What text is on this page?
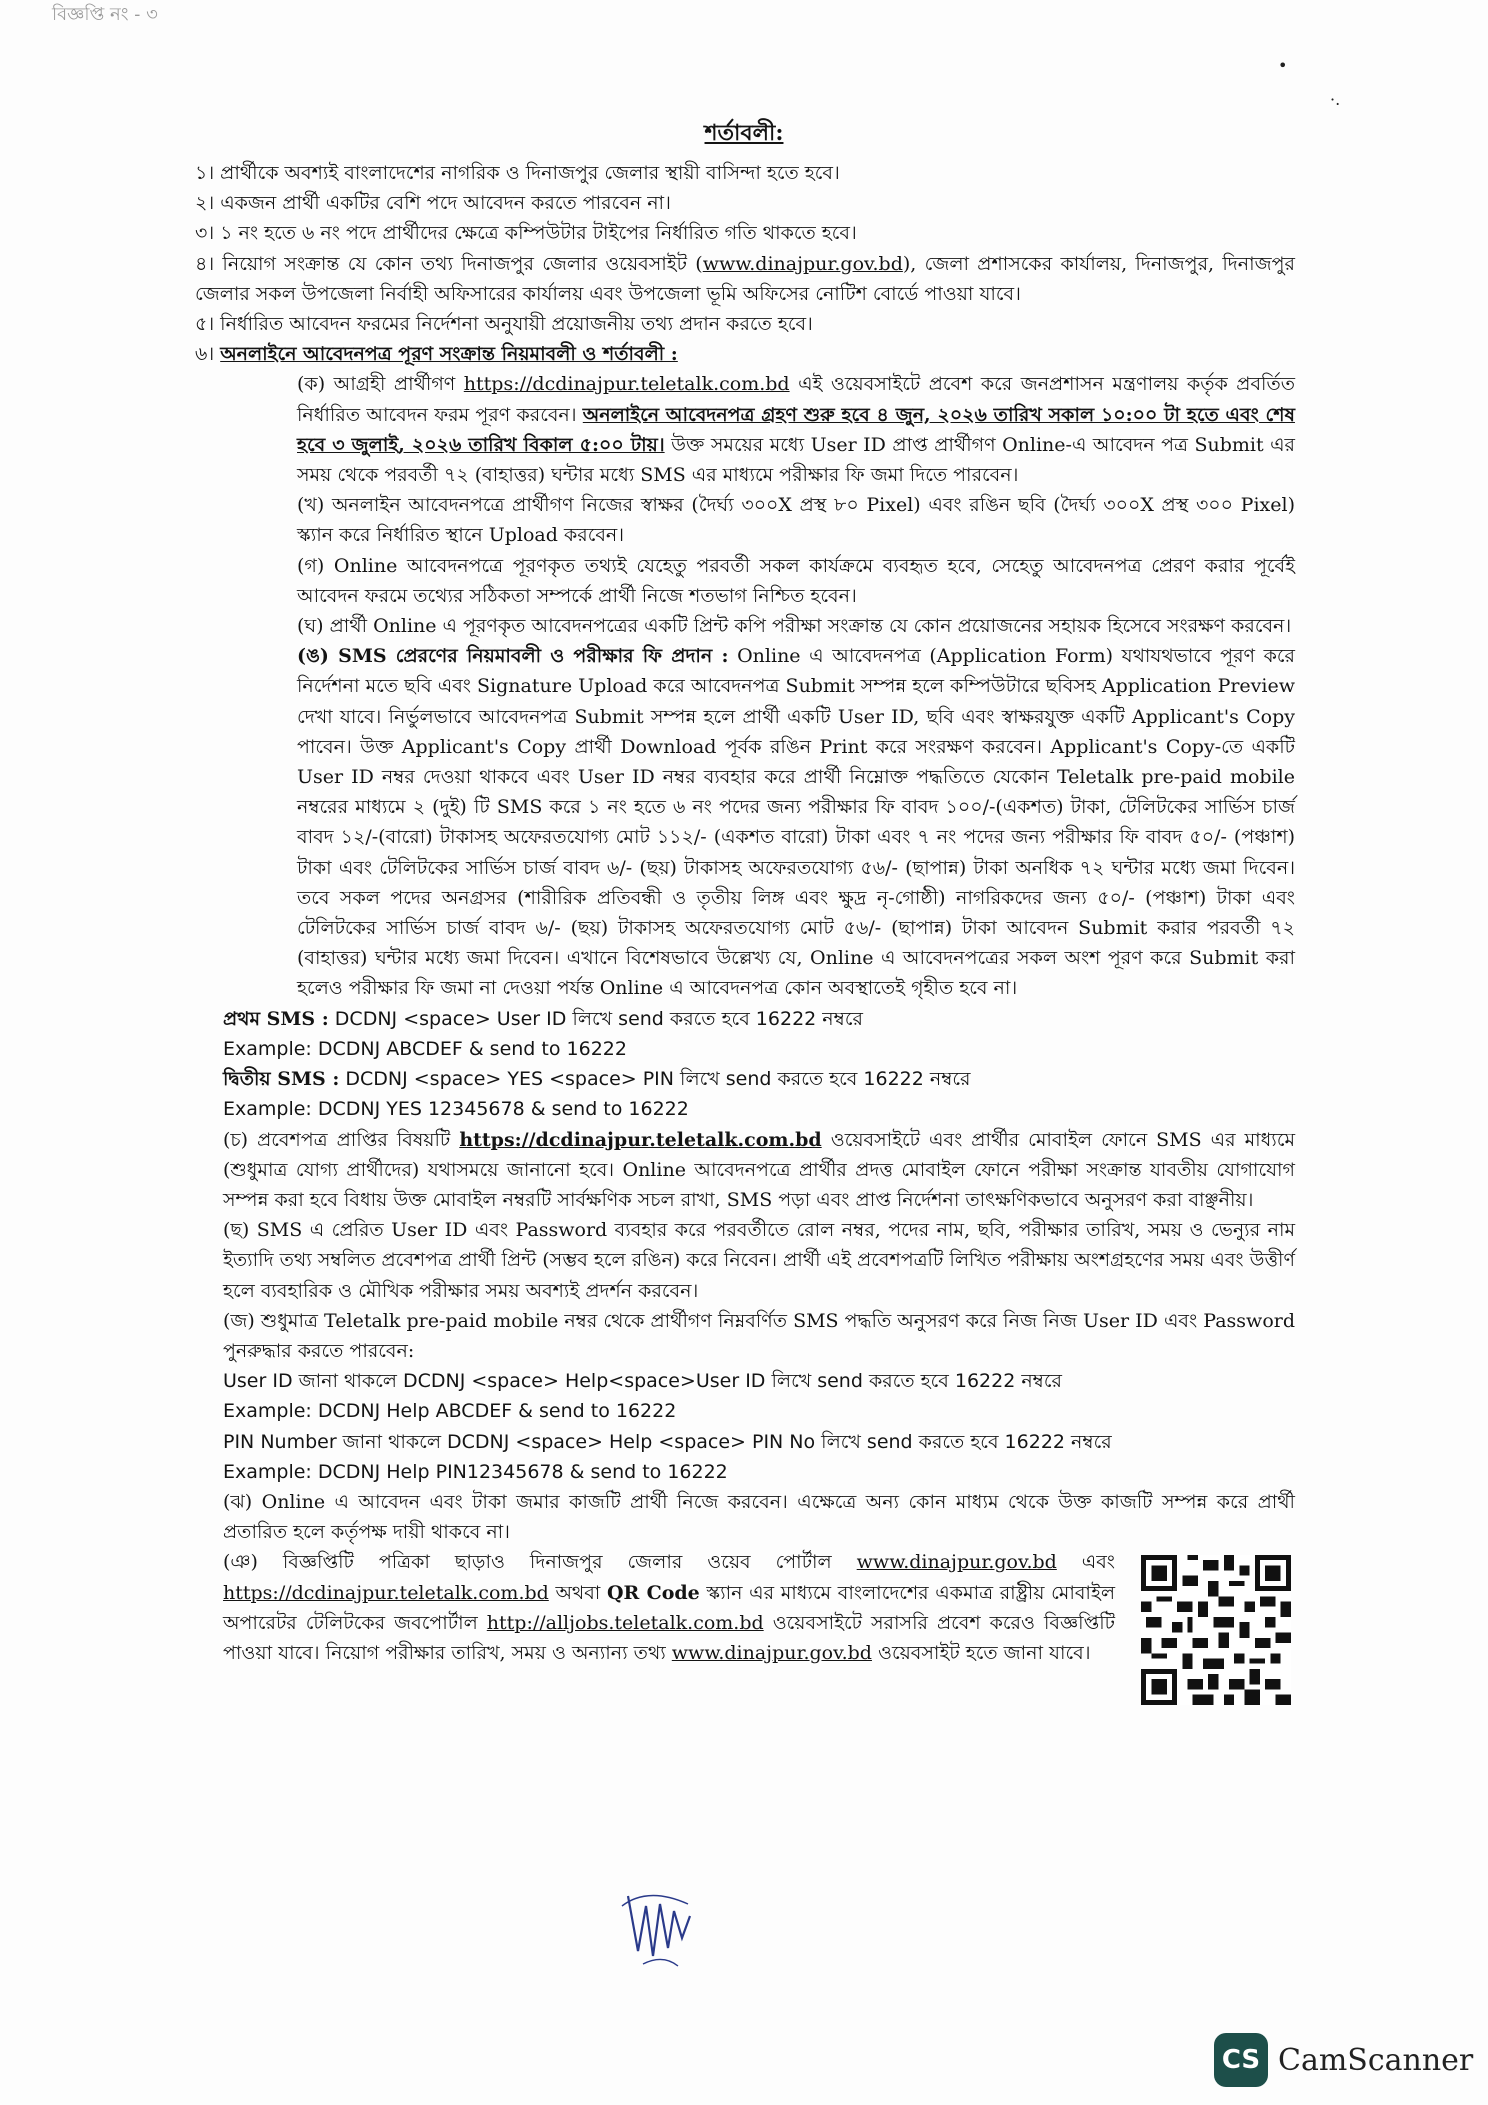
বিজ্ঞপ্তি নং - ৩
•
·.
শর্তাবলী:

১। প্রার্থীকে অবশ্যই বাংলাদেশের নাগরিক ও দিনাজপুর জেলার স্থায়ী বাসিন্দা হতে হবে।

২। একজন প্রার্থী একটির বেশি পদে আবেদন করতে পারবেন না।

৩। ১ নং হতে ৬ নং পদে প্রার্থীদের ক্ষেত্রে কম্পিউটার টাইপের নির্ধারিত গতি থাকতে হবে।

৪। নিয়োগ সংক্রান্ত যে কোন তথ্য দিনাজপুর জেলার ওয়েবসাইট (www.dinajpur.gov.bd), জেলা প্রশাসকের কার্যালয়, দিনাজপুর, দিনাজপুর জেলার সকল উপজেলা নির্বাহী অফিসারের কার্যালয় এবং উপজেলা ভূমি অফিসের নোটিশ বোর্ডে পাওয়া যাবে।

৫। নির্ধারিত আবেদন ফরমের নির্দেশনা অনুযায়ী প্রয়োজনীয় তথ্য প্রদান করতে হবে।

৬। অনলাইনে আবেদনপত্র পূরণ সংক্রান্ত নিয়মাবলী ও শর্তাবলী :

(ক) আগ্রহী প্রার্থীগণ https://dcdinajpur.teletalk.com.bd এই ওয়েবসাইটে প্রবেশ করে জনপ্রশাসন মন্ত্রণালয় কর্তৃক প্রবর্তিত নির্ধারিত আবেদন ফরম পূরণ করবেন। অনলাইনে আবেদনপত্র গ্রহণ শুরু হবে ৪ জুন, ২০২৬ তারিখ সকাল ১০:০০ টা হতে এবং শেষ হবে ৩ জুলাই, ২০২৬ তারিখ বিকাল ৫:০০ টায়। উক্ত সময়ের মধ্যে User ID প্রাপ্ত প্রার্থীগণ Online-এ আবেদন পত্র Submit এর সময় থেকে পরবর্তী ৭২ (বাহাত্তর) ঘন্টার মধ্যে SMS এর মাধ্যমে পরীক্ষার ফি জমা দিতে পারবেন।

(খ) অনলাইন আবেদনপত্রে প্রার্থীগণ নিজের স্বাক্ষর (দৈর্ঘ্য ৩০০X প্রস্থ ৮০ Pixel) এবং রঙিন ছবি (দৈর্ঘ্য ৩০০X প্রস্থ ৩০০ Pixel) স্ক্যান করে নির্ধারিত স্থানে Upload করবেন।

(গ) Online আবেদনপত্রে পূরণকৃত তথ্যই যেহেতু পরবর্তী সকল কার্যক্রমে ব্যবহৃত হবে, সেহেতু আবেদনপত্র প্রেরণ করার পূর্বেই আবেদন ফরমে তথ্যের সঠিকতা সম্পর্কে প্রার্থী নিজে শতভাগ নিশ্চিত হবেন।

(ঘ) প্রার্থী Online এ পূরণকৃত আবেদনপত্রের একটি প্রিন্ট কপি পরীক্ষা সংক্রান্ত যে কোন প্রয়োজনের সহায়ক হিসেবে সংরক্ষণ করবেন।

(ঙ) SMS প্রেরণের নিয়মাবলী ও পরীক্ষার ফি প্রদান : Online এ আবেদনপত্র (Application Form) যথাযথভাবে পূরণ করে নির্দেশনা মতে ছবি এবং Signature Upload করে আবেদনপত্র Submit সম্পন্ন হলে কম্পিউটারে ছবিসহ Application Preview দেখা যাবে। নির্ভুলভাবে আবেদনপত্র Submit সম্পন্ন হলে প্রার্থী একটি User ID, ছবি এবং স্বাক্ষরযুক্ত একটি Applicant's Copy পাবেন। উক্ত Applicant's Copy প্রার্থী Download পূর্বক রঙিন Print করে সংরক্ষণ করবেন। Applicant's Copy-তে একটি User ID নম্বর দেওয়া থাকবে এবং User ID নম্বর ব্যবহার করে প্রার্থী নিম্নোক্ত পদ্ধতিতে যেকোন Teletalk pre-paid mobile নম্বরের মাধ্যমে ২ (দুই) টি SMS করে ১ নং হতে ৬ নং পদের জন্য পরীক্ষার ফি বাবদ ১০০/-(একশত) টাকা, টেলিটকের সার্ভিস চার্জ বাবদ ১২/-(বারো) টাকাসহ অফেরতযোগ্য মোট ১১২/- (একশত বারো) টাকা এবং ৭ নং পদের জন্য পরীক্ষার ফি বাবদ ৫০/- (পঞ্চাশ) টাকা এবং টেলিটকের সার্ভিস চার্জ বাবদ ৬/- (ছয়) টাকাসহ অফেরতযোগ্য ৫৬/- (ছাপান্ন) টাকা অনধিক ৭২ ঘন্টার মধ্যে জমা দিবেন। তবে সকল পদের অনগ্রসর (শারীরিক প্রতিবন্ধী ও তৃতীয় লিঙ্গ এবং ক্ষুদ্র নৃ-গোষ্ঠী) নাগরিকদের জন্য ৫০/- (পঞ্চাশ) টাকা এবং টেলিটকের সার্ভিস চার্জ বাবদ ৬/- (ছয়) টাকাসহ অফেরতযোগ্য মোট ৫৬/- (ছাপান্ন) টাকা আবেদন Submit করার পরবর্তী ৭২ (বাহাত্তর) ঘন্টার মধ্যে জমা দিবেন। এখানে বিশেষভাবে উল্লেখ্য যে, Online এ আবেদনপত্রের সকল অংশ পূরণ করে Submit করা হলেও পরীক্ষার ফি জমা না দেওয়া পর্যন্ত Online এ আবেদনপত্র কোন অবস্থাতেই গৃহীত হবে না।

প্রথম SMS : DCDNJ <space> User ID লিখে send করতে হবে 16222 নম্বরে

Example: DCDNJ ABCDEF & send to 16222

দ্বিতীয় SMS : DCDNJ <space> YES <space> PIN লিখে send করতে হবে 16222 নম্বরে

Example: DCDNJ YES 12345678 & send to 16222

(চ) প্রবেশপত্র প্রাপ্তির বিষয়টি https://dcdinajpur.teletalk.com.bd ওয়েবসাইটে এবং প্রার্থীর মোবাইল ফোনে SMS এর মাধ্যমে (শুধুমাত্র যোগ্য প্রার্থীদের) যথাসময়ে জানানো হবে। Online আবেদনপত্রে প্রার্থীর প্রদত্ত মোবাইল ফোনে পরীক্ষা সংক্রান্ত যাবতীয় যোগাযোগ সম্পন্ন করা হবে বিধায় উক্ত মোবাইল নম্বরটি সার্বক্ষণিক সচল রাখা, SMS পড়া এবং প্রাপ্ত নির্দেশনা তাৎক্ষণিকভাবে অনুসরণ করা বাঞ্ছনীয়।

(ছ) SMS এ প্রেরিত User ID এবং Password ব্যবহার করে পরবর্তীতে রোল নম্বর, পদের নাম, ছবি, পরীক্ষার তারিখ, সময় ও ভেন্যুর নাম ইত্যাদি তথ্য সম্বলিত প্রবেশপত্র প্রার্থী প্রিন্ট (সম্ভব হলে রঙিন) করে নিবেন। প্রার্থী এই প্রবেশপত্রটি লিখিত পরীক্ষায় অংশগ্রহণের সময় এবং উত্তীর্ণ হলে ব্যবহারিক ও মৌখিক পরীক্ষার সময় অবশ্যই প্রদর্শন করবেন।

(জ) শুধুমাত্র Teletalk pre-paid mobile নম্বর থেকে প্রার্থীগণ নিম্নবর্ণিত SMS পদ্ধতি অনুসরণ করে নিজ নিজ User ID এবং Password পুনরুদ্ধার করতে পারবেন:

User ID জানা থাকলে DCDNJ <space> Help<space>User ID লিখে send করতে হবে 16222 নম্বরে

Example: DCDNJ Help ABCDEF & send to 16222

PIN Number জানা থাকলে DCDNJ <space> Help <space> PIN No লিখে send করতে হবে 16222 নম্বরে

Example: DCDNJ Help PIN12345678 & send to 16222

(ঝ) Online এ আবেদন এবং টাকা জমার কাজটি প্রার্থী নিজে করবেন। এক্ষেত্রে অন্য কোন মাধ্যম থেকে উক্ত কাজটি সম্পন্ন করে প্রার্থী প্রতারিত হলে কর্তৃপক্ষ দায়ী থাকবে না।

(ঞ) বিজ্ঞপ্তিটি পত্রিকা ছাড়াও দিনাজপুর জেলার ওয়েব পোর্টাল www.dinajpur.gov.bd এবং https://dcdinajpur.teletalk.com.bd অথবা QR Code স্ক্যান এর মাধ্যমে বাংলাদেশের একমাত্র রাষ্ট্রীয় মোবাইল অপারেটর টেলিটকের জবপোর্টাল http://alljobs.teletalk.com.bd ওয়েবসাইটে সরাসরি প্রবেশ করেও বিজ্ঞপ্তিটি পাওয়া যাবে। নিয়োগ পরীক্ষার তারিখ, সময় ও অন্যান্য তথ্য www.dinajpur.gov.bd ওয়েবসাইট হতে জানা যাবে।

CS CamScanner
